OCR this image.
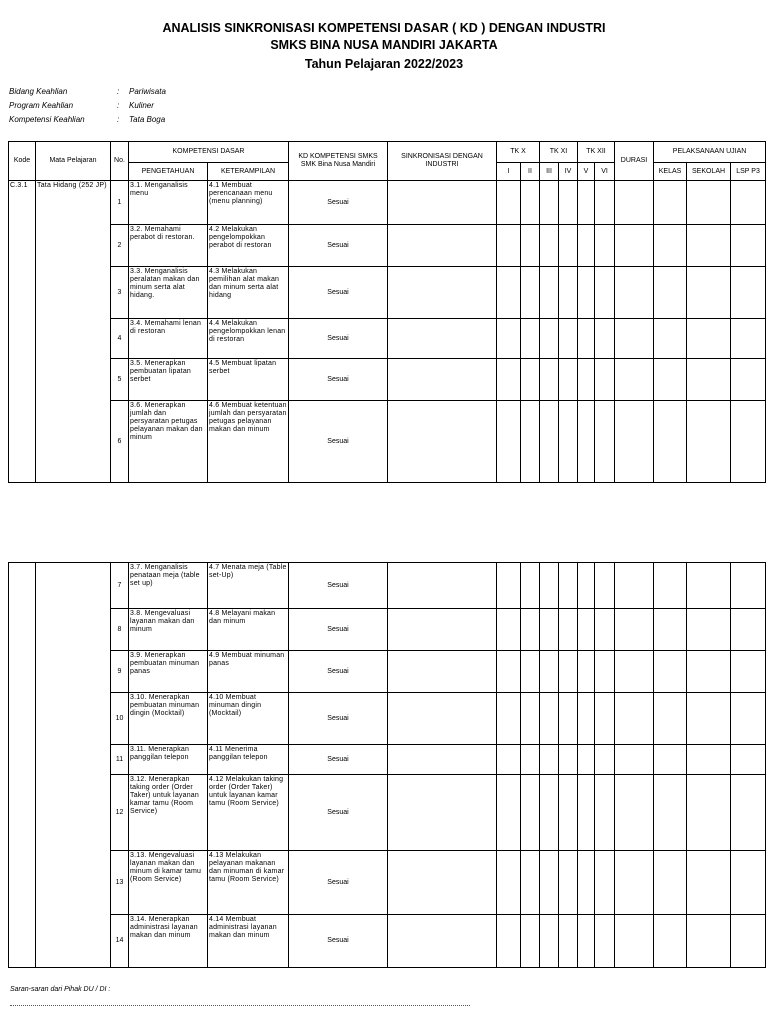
ANALISIS SINKRONISASI KOMPETENSI DASAR ( KD ) DENGAN INDUSTRI
SMKS BINA NUSA MANDIRI JAKARTA
Tahun Pelajaran 2022/2023
Bidang Keahlian	:	Pariwisata
Program Keahlian	:	Kuliner
Kompetensi Keahlian	:	Tata Boga
Kode	Mata Pelajaran	No.	KOMPETENSI DASAR		KD KOMPETENSI SMKS SMK Bina Nusa Mandiri	SINKRONISASI DENGAN INDUSTRI	TK X		TK XI		TK XII		DURASI	PELAKSANAAN UJIAN		
			PENGETAHUAN	KETERAMPILAN			I	II	III	IV	V	VI		KELAS	SEKOLAH	LSP P3
C.3.1	Tata Hidang (252 JP)	1	3.1. Menganalisis menu	4.1 Membuat perencanaan menu (menu planning)	Sesuai											
		2	3.2. Memahami perabot di restoran.	4.2 Melakukan pengelompokkan perabot di restoran	Sesuai											
		3	3.3. Menganalisis peralatan makan dan minum serta alat hidang.	4.3 Melakukan pemilihan alat makan dan minum serta alat hidang	Sesuai											
		4	3.4. Memahami lenan di restoran	4.4 Melakukan pengelompokkan lenan di restoran	Sesuai											
		5	3.5. Menerapkan pembuatan lipatan serbet	4.5 Membuat lipatan serbet	Sesuai											
		6	3.6. Menerapkan jumlah dan persyaratan petugas pelayanan makan dan minum	4.6 Membuat ketentuan jumlah dan persyaratan petugas pelayanan makan dan minum	Sesuai											
		7	3.7. Menganalisis penataan meja (table set up)	4.7 Menata meja (Table set-Up)	Sesuai											
		8	3.8. Mengevaluasi layanan makan dan minum	4.8 Melayani makan dan minum	Sesuai											
		9	3.9. Menerapkan pembuatan minuman panas	4.9 Membuat minuman panas	Sesuai											
		10	3.10. Menerapkan pembuatan minuman dingin (Mocktail)	4.10 Membuat minuman dingin (Mocktail)	Sesuai											
		11	3.11. Menerapkan panggilan telepon	4.11 Menerima panggilan telepon	Sesuai											
		12	3.12. Menerapkan taking order (Order Taker) untuk layanan kamar tamu (Room Service)	4.12 Melakukan taking order (Order Taker) untuk layanan kamar tamu (Room Service)	Sesuai											
		13	3.13. Mengevaluasi layanan makan dan minum di kamar tamu (Room Service)	4.13 Melakukan pelayanan makanan dan minuman di kamar tamu (Room Service)	Sesuai											
		14	3.14. Menerapkan administrasi layanan makan dan minum	4.14 Membuat administrasi layanan makan dan minum	Sesuai											
Saran-saran dari Pihak DU / DI :
